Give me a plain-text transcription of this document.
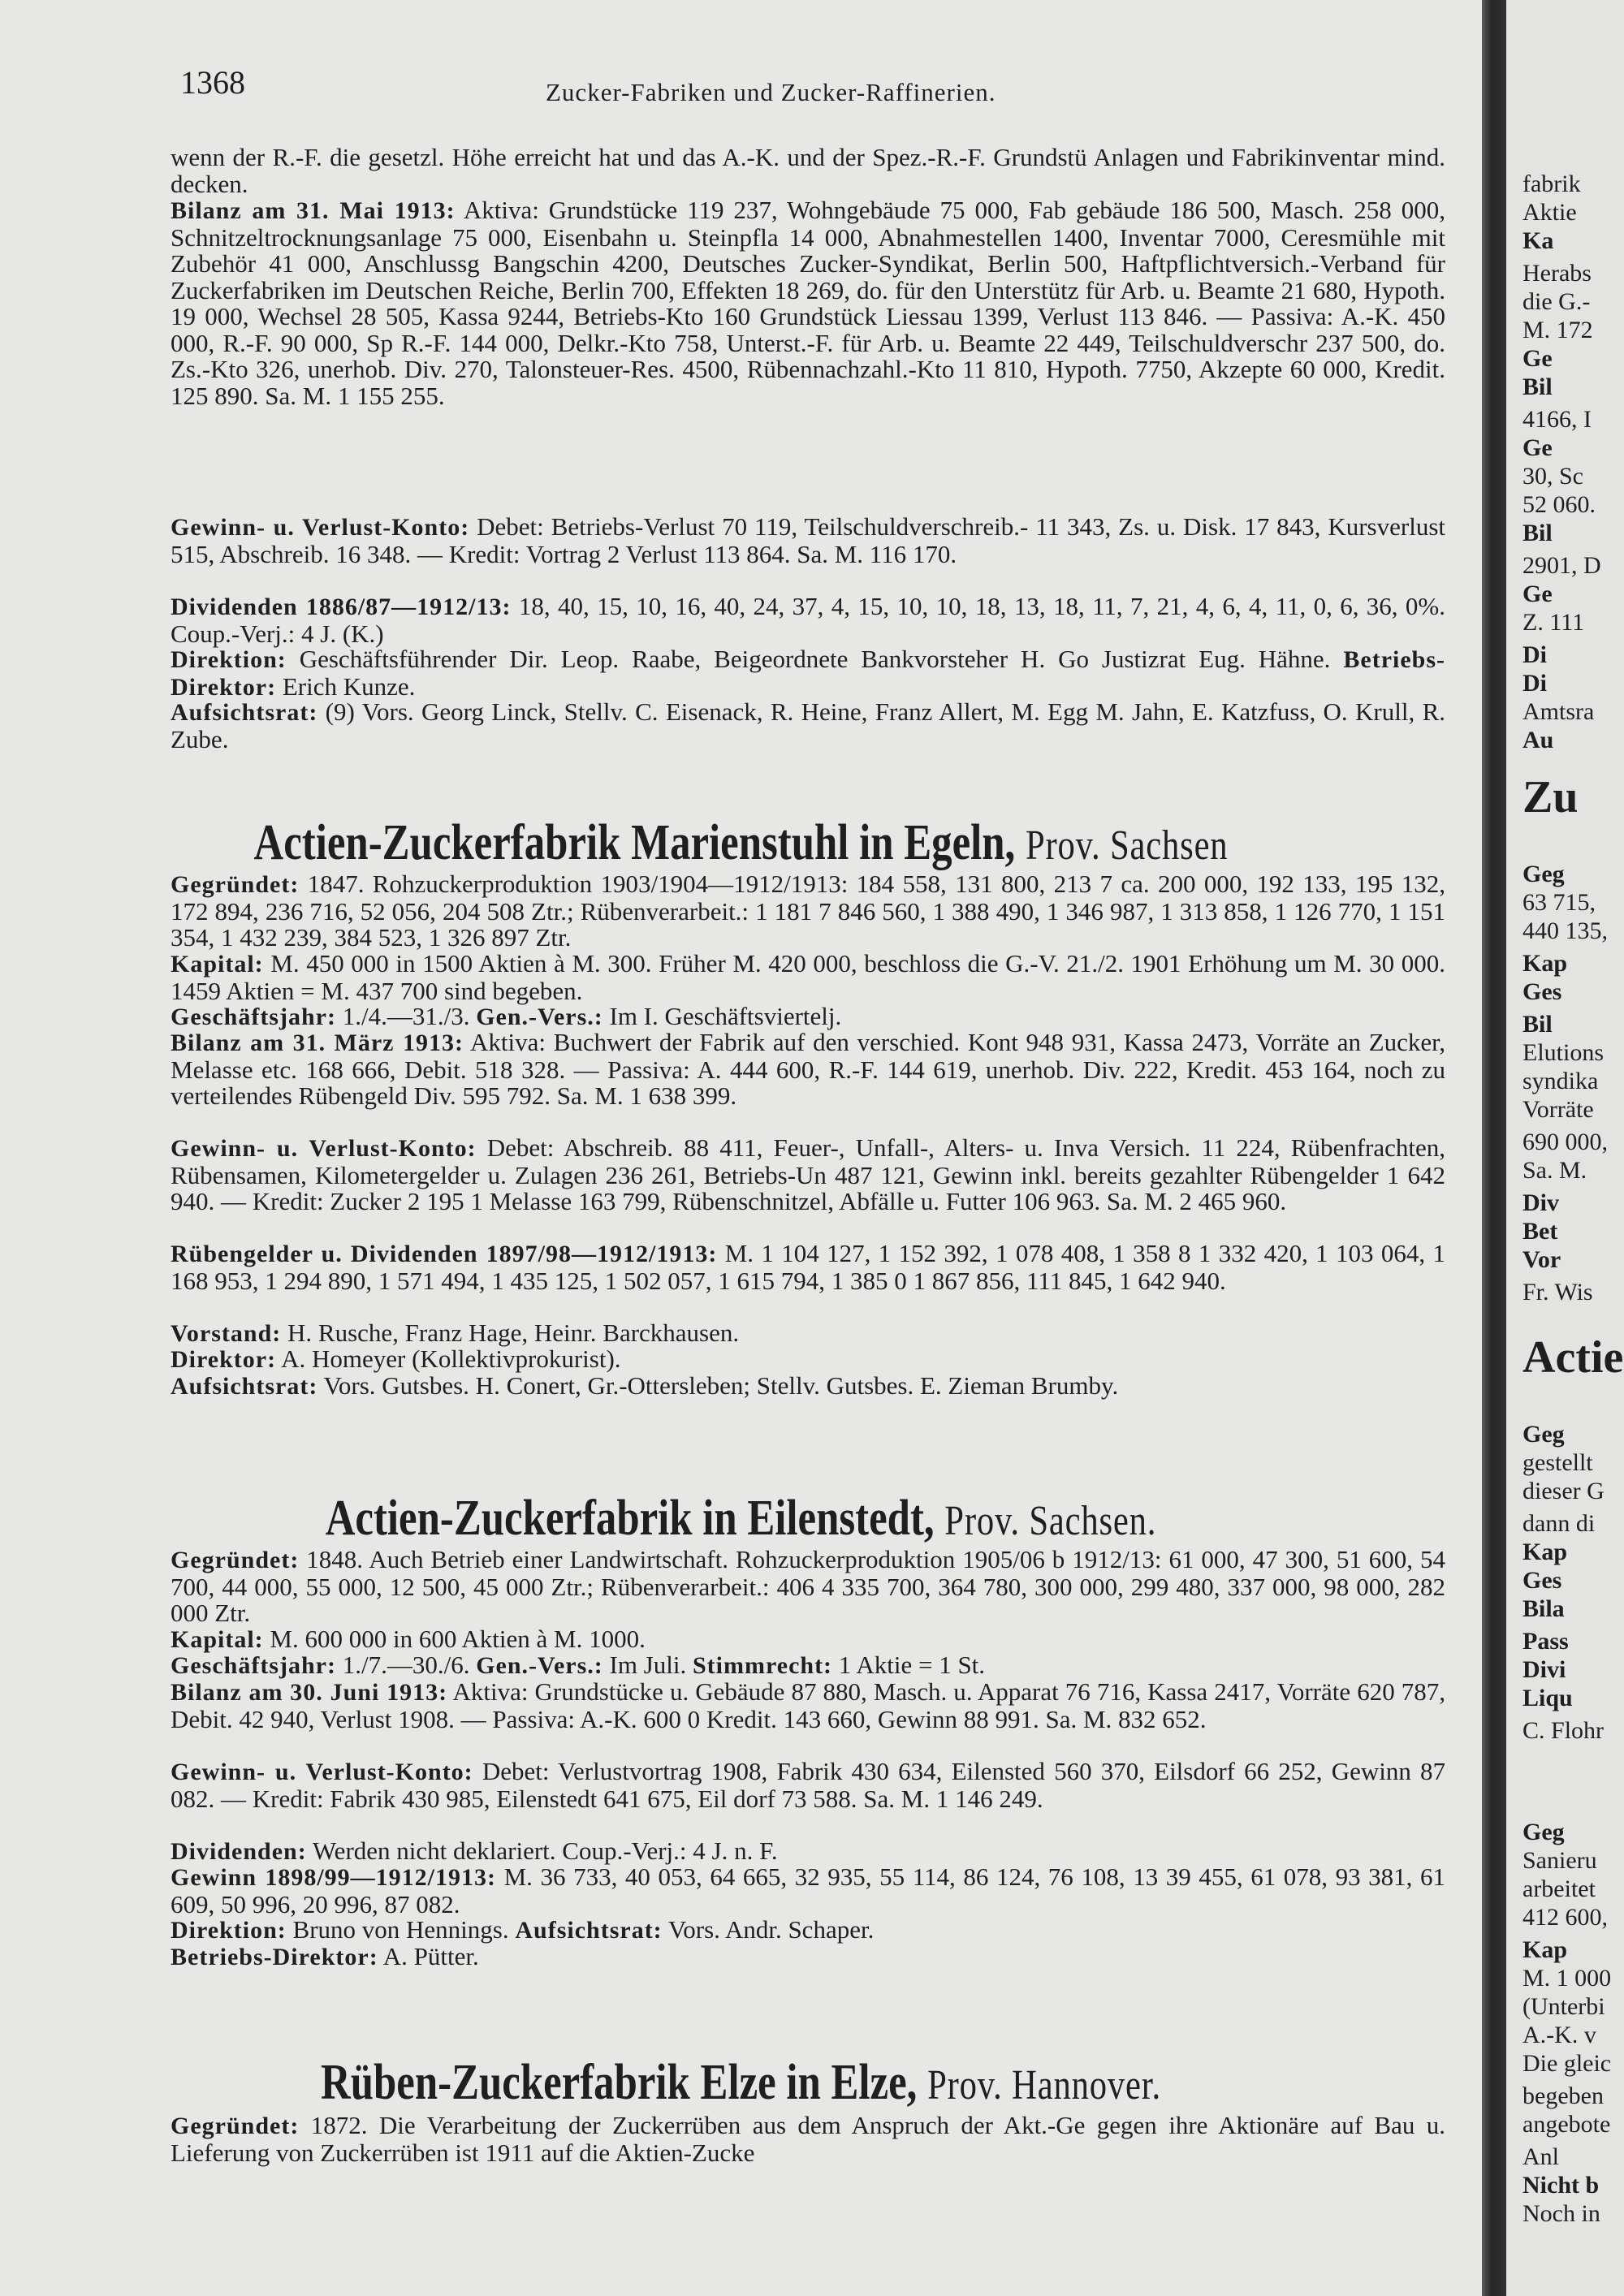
1368	Zucker-Fabriken und Zucker-Raffinerien.

wenn der R.-F. die gesetzl. Höhe erreicht hat und das A.-K. und der Spez.-R.-F. Grundstü Anlagen und Fabrikinventar mind. decken.

Bilanz am 31. Mai 1913: Aktiva: Grundstücke 119 237, Wohngebäude 75 000, Fab gebäude 186 500, Masch. 258 000, Schnitzeltrocknungsanlage 75 000, Eisenbahn u. Steinpfla 14 000, Abnahmestellen 1400, Inventar 7000, Ceresmühle mit Zubehör 41 000, Anschlussg Bangschin 4200, Deutsches Zucker-Syndikat, Berlin 500, Haftpflichtversich.-Verband für Zuckerfabriken im Deutschen Reiche, Berlin 700, Effekten 18 269, do. für den Unterstütz für Arb. u. Beamte 21 680, Hypoth. 19 000, Wechsel 28 505, Kassa 9244, Betriebs-Kto 160 Grundstück Liessau 1399, Verlust 113 846. — Passiva: A.-K. 450 000, R.-F. 90 000, Sp R.-F. 144 000, Delkr.-Kto 758, Unterst.-F. für Arb. u. Beamte 22 449, Teilschuldverschr 237 500, do. Zs.-Kto 326, unerhob. Div. 270, Talonsteuer-Res. 4500, Rübennachzahl.-Kto 11 810, Hypoth. 7750, Akzepte 60 000, Kredit. 125 890. Sa. M. 1 155 255.

Gewinn- u. Verlust-Konto: Debet: Betriebs-Verlust 70 119, Teilschuldverschreib.- 11 343, Zs. u. Disk. 17 843, Kursverlust 515, Abschreib. 16 348. — Kredit: Vortrag 2 Verlust 113 864. Sa. M. 116 170.

Dividenden 1886/87—1912/13: 18, 40, 15, 10, 16, 40, 24, 37, 4, 15, 10, 10, 18, 13, 18, 11, 7, 21, 4, 6, 4, 11, 0, 6, 36, 0%. Coup.-Verj.: 4 J. (K.)

Direktion: Geschäftsführender Dir. Leop. Raabe, Beigeordnete Bankvorsteher H. Go Justizrat Eug. Hähne. Betriebs-Direktor: Erich Kunze.

Aufsichtsrat: (9) Vors. Georg Linck, Stellv. C. Eisenack, R. Heine, Franz Allert, M. Egg M. Jahn, E. Katzfuss, O. Krull, R. Zube.

Actien-Zuckerfabrik Marienstuhl in Egeln, Prov. Sachsen

Gegründet: 1847. Rohzuckerproduktion 1903/1904—1912/1913: 184 558, 131 800, 213 7 ca. 200 000, 192 133, 195 132, 172 894, 236 716, 52 056, 204 508 Ztr.; Rübenverarbeit.: 1 181 7 846 560, 1 388 490, 1 346 987, 1 313 858, 1 126 770, 1 151 354, 1 432 239, 384 523, 1 326 897 Ztr.

Kapital: M. 450 000 in 1500 Aktien à M. 300. Früher M. 420 000, beschloss die G.-V. 21./2. 1901 Erhöhung um M. 30 000. 1459 Aktien = M. 437 700 sind begeben.

Geschäftsjahr: 1./4.—31./3. Gen.-Vers.: Im I. Geschäftsviertelj.

Bilanz am 31. März 1913: Aktiva: Buchwert der Fabrik auf den verschied. Kont 948 931, Kassa 2473, Vorräte an Zucker, Melasse etc. 168 666, Debit. 518 328. — Passiva: A. 444 600, R.-F. 144 619, unerhob. Div. 222, Kredit. 453 164, noch zu verteilendes Rübengeld Div. 595 792. Sa. M. 1 638 399.

Gewinn- u. Verlust-Konto: Debet: Abschreib. 88 411, Feuer-, Unfall-, Alters- u. Inva Versich. 11 224, Rübenfrachten, Rübensamen, Kilometergelder u. Zulagen 236 261, Betriebs-Un 487 121, Gewinn inkl. bereits gezahlter Rübengelder 1 642 940. — Kredit: Zucker 2 195 1 Melasse 163 799, Rübenschnitzel, Abfälle u. Futter 106 963. Sa. M. 2 465 960.

Rübengelder u. Dividenden 1897/98—1912/1913: M. 1 104 127, 1 152 392, 1 078 408, 1 358 8 1 332 420, 1 103 064, 1 168 953, 1 294 890, 1 571 494, 1 435 125, 1 502 057, 1 615 794, 1 385 0 1 867 856, 111 845, 1 642 940.

Vorstand: H. Rusche, Franz Hage, Heinr. Barckhausen.

Direktor: A. Homeyer (Kollektivprokurist).

Aufsichtsrat: Vors. Gutsbes. H. Conert, Gr.-Ottersleben; Stellv. Gutsbes. E. Zieman Brumby.

Actien-Zuckerfabrik in Eilenstedt, Prov. Sachsen.

Gegründet: 1848. Auch Betrieb einer Landwirtschaft. Rohzuckerproduktion 1905/06 b 1912/13: 61 000, 47 300, 51 600, 54 700, 44 000, 55 000, 12 500, 45 000 Ztr.; Rübenverarbeit.: 406 4 335 700, 364 780, 300 000, 299 480, 337 000, 98 000, 282 000 Ztr.

Kapital: M. 600 000 in 600 Aktien à M. 1000.

Geschäftsjahr: 1./7.—30./6. Gen.-Vers.: Im Juli. Stimmrecht: 1 Aktie = 1 St.

Bilanz am 30. Juni 1913: Aktiva: Grundstücke u. Gebäude 87 880, Masch. u. Apparat 76 716, Kassa 2417, Vorräte 620 787, Debit. 42 940, Verlust 1908. — Passiva: A.-K. 600 0 Kredit. 143 660, Gewinn 88 991. Sa. M. 832 652.

Gewinn- u. Verlust-Konto: Debet: Verlustvortrag 1908, Fabrik 430 634, Eilensted 560 370, Eilsdorf 66 252, Gewinn 87 082. — Kredit: Fabrik 430 985, Eilenstedt 641 675, Eil dorf 73 588. Sa. M. 1 146 249.

Dividenden: Werden nicht deklariert. Coup.-Verj.: 4 J. n. F.

Gewinn 1898/99—1912/1913: M. 36 733, 40 053, 64 665, 32 935, 55 114, 86 124, 76 108, 13 39 455, 61 078, 93 381, 61 609, 50 996, 20 996, 87 082.

Direktion: Bruno von Hennings. Aufsichtsrat: Vors. Andr. Schaper.

Betriebs-Direktor: A. Pütter.

Rüben-Zuckerfabrik Elze in Elze, Prov. Hannover.

Gegründet: 1872. Die Verarbeitung der Zuckerrüben aus dem Anspruch der Akt.-Ge gegen ihre Aktionäre auf Bau u. Lieferung von Zuckerrüben ist 1911 auf die Aktien-Zucke

fabrik
Aktie
Ka
Herabs
die G.-
M. 172
Ge
Bil
4166, I
Ge
30, Sc
52 060.
Bil
2901, D
Ge
Z. 111
Di
Di
Amtsra
Au
Zu
Geg
63 715,
440 135,
Kap
Ges
Bil
Elutions
syndika
Vorräte
690 000,
Sa. M.
Div
Bet
Vor
Fr. Wis
Actie
Geg
gestellt
dieser G
dann di
Kap
Ges
Bila
Pass
Divi
Liqu
C. Flohr
Geg
Sanieru
arbeitet
412 600,
Kap
M. 1 000
(Unterbi
A.-K. v
Die gleic
begeben
angebote
Anl
Nicht b
Noch in
